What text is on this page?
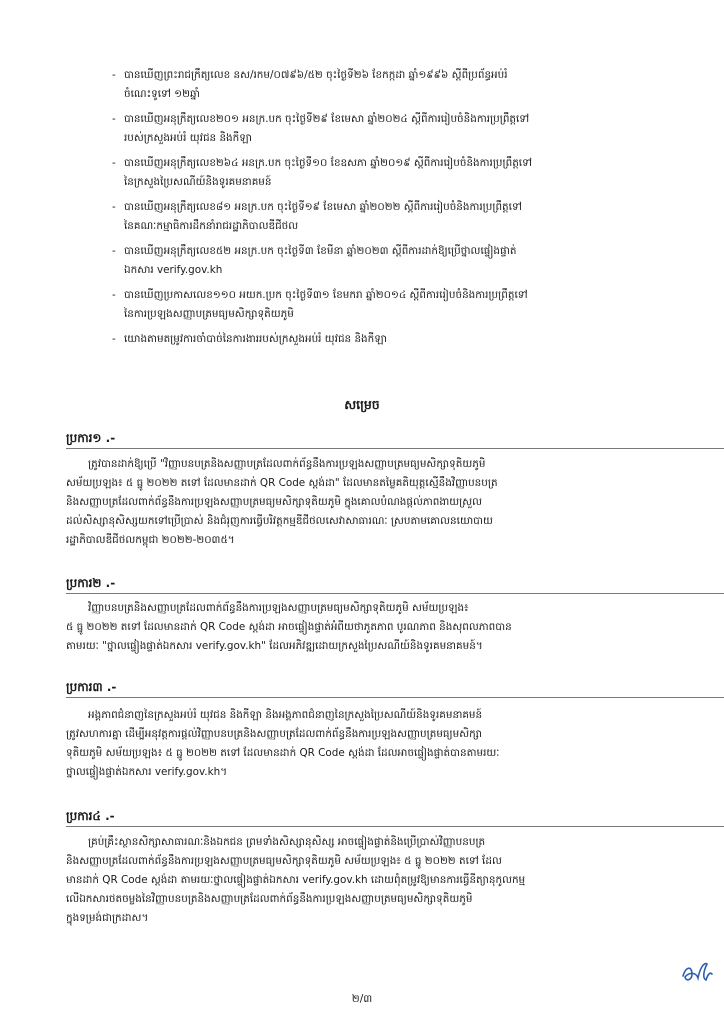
- បានឃើញព្រះរាជក្រឹត្យលេខ នស/រកម/០៧៩៦/៥២ ចុះថ្ងៃទី២៦ ខែកក្កដា ឆ្នាំ១៩៩៦ ស្តីពីប្រព័ន្ធអប់រំ
ចំណេះទូទៅ ១២ឆ្នាំ
- បានឃើញអនុក្រឹត្យលេខ២០១ អនក្រ.បក ចុះថ្ងៃទី២៩ ខែមេសា ឆ្នាំ២០២៤ ស្តីពីការរៀបចំនិងការប្រព្រឹត្តទៅ
របស់ក្រសួងអប់រំ យុវជន និងកីឡា
- បានឃើញអនុក្រឹត្យលេខ២៦៤ អនក្រ.បក ចុះថ្ងៃទី១០ ខែឧសភា ឆ្នាំ២០១៩ ស្តីពីការរៀបចំនិងការប្រព្រឹត្តទៅ
នៃក្រសួងប្រៃសណីយ៍និងទូរគមនាគមន៍
- បានឃើញអនុក្រឹត្យលេខ៨១ អនក្រ.បក ចុះថ្ងៃទី១៩ ខែមេសា ឆ្នាំ២០២២ ស្តីពីការរៀបចំនិងការប្រព្រឹត្តទៅ
នៃគណៈកម្មាធិការដឹកនាំរាជរដ្ឋាភិបាលឌីជីថល
- បានឃើញអនុក្រឹត្យលេខ៥២ អនក្រ.បក ចុះថ្ងៃទី៣ ខែមីនា ឆ្នាំ២០២៣ ស្តីពីការដាក់ឱ្យប្រើថ្នាលផ្ទៀងផ្ទាត់
ឯកសារ verify.gov.kh
- បានឃើញប្រកាសលេខ១១០ អយក.ប្រក ចុះថ្ងៃទី៣១ ខែមករា ឆ្នាំ២០១៤ ស្តីពីការរៀបចំនិងការប្រព្រឹត្តទៅ
នៃការប្រឡងសញ្ញាបត្រមធ្យមសិក្សាទុតិយភូមិ
- យោងតាមតម្រូវការចាំបាច់នៃការងាររបស់ក្រសួងអប់រំ យុវជន និងកីឡា
សម្រេច
ប្រការ១ .-
ត្រូវបានដាក់ឱ្យប្រើ "វិញ្ញាបនបត្រនិងសញ្ញាបត្រដែលពាក់ព័ន្ធនឹងការប្រឡងសញ្ញាបត្រមធ្យមសិក្សាទុតិយភូមិ
សម័យប្រឡង៖ ៥ ធ្នូ ២០២២ តទៅ ដែលមានដាក់ QR Code ស្តង់ដា" ដែលមានតម្លៃគតិយុត្តស្មើនឹងវិញ្ញាបនបត្រ
និងសញ្ញាបត្រដែលពាក់ព័ន្ធនឹងការប្រឡងសញ្ញាបត្រមធ្យមសិក្សាទុតិយភូមិ ក្នុងគោលបំណងផ្តល់ភាពងាយស្រួល
ដល់សិស្សានុសិស្សយកទៅប្រើប្រាស់ និងជំរុញការធ្វើបរិវត្តកម្មឌីជីថលសេវាសាធារណៈ ស្របតាមគោលនយោបាយ
រដ្ឋាភិបាលឌីជីថលកម្ពុជា ២០២២-២០៣៥។
ប្រការ២ .-
វិញ្ញាបនបត្រនិងសញ្ញាបត្រដែលពាក់ព័ន្ធនឹងការប្រឡងសញ្ញាបត្រមធ្យមសិក្សាទុតិយភូមិ សម័យប្រឡង៖
៥ ធ្នូ ២០២២ តទៅ ដែលមានដាក់ QR Code ស្តង់ដា អាចផ្ទៀងផ្ទាត់អំពីយថាភូតភាព បូរណភាព និងសុពលភាពបាន
តាមរយៈ "ថ្នាលផ្ទៀងផ្ទាត់ឯកសារ verify.gov.kh" ដែលអភិវឌ្ឍដោយក្រសួងប្រៃសណីយ៍និងទូរគមនាគមន៍។
ប្រការ៣ .-
អង្គភាពជំនាញនៃក្រសួងអប់រំ យុវជន និងកីឡា និងអង្គភាពជំនាញនៃក្រសួងប្រៃសណីយ៍និងទូរគមនាគមន៍
ត្រូវសហការគ្នា ដើម្បីអនុវត្តការផ្តល់វិញ្ញាបនបត្រនិងសញ្ញាបត្រដែលពាក់ព័ន្ធនឹងការប្រឡងសញ្ញាបត្រមធ្យមសិក្សា
ទុតិយភូមិ សម័យប្រឡង៖ ៥ ធ្នូ ២០២២ តទៅ ដែលមានដាក់ QR Code ស្តង់ដា ដែលអាចផ្ទៀងផ្ទាត់បានតាមរយៈ
ថ្នាលផ្ទៀងផ្ទាត់ឯកសារ verify.gov.kh។
ប្រការ៤ .-
គ្រប់គ្រឹះស្ថានសិក្សាសាធារណៈនិងឯកជន ព្រមទាំងសិស្សានុសិស្ស អាចផ្ទៀងផ្ទាត់និងប្រើប្រាស់វិញ្ញាបនបត្រ
និងសញ្ញាបត្រដែលពាក់ព័ន្ធនឹងការប្រឡងសញ្ញាបត្រមធ្យមសិក្សាទុតិយភូមិ សម័យប្រឡង៖ ៥ ធ្នូ ២០២២ តទៅ ដែល
មានដាក់ QR Code ស្តង់ដា តាមរយៈថ្នាលផ្ទៀងផ្ទាត់ឯកសារ verify.gov.kh ដោយពុំតម្រូវឱ្យមានការធ្វើនីត្យានុកូលកម្ម
លើឯកសារថតចម្លងនៃវិញ្ញាបនបត្រនិងសញ្ញាបត្រដែលពាក់ព័ន្ធនឹងការប្រឡងសញ្ញាបត្រមធ្យមសិក្សាទុតិយភូមិ
ក្នុងទម្រង់ជាក្រដាស។
២/៣
